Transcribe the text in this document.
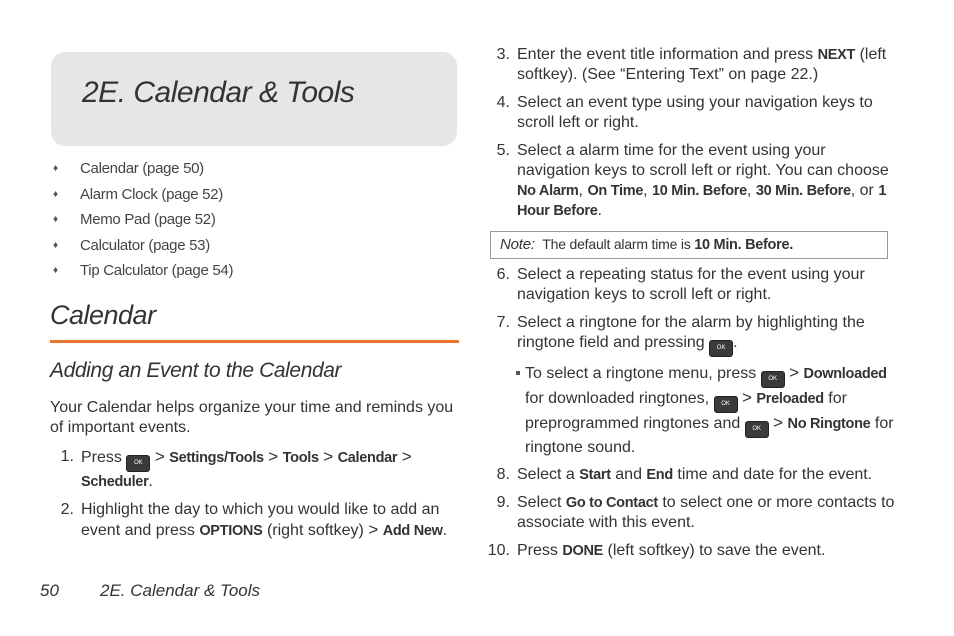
2E. Calendar & Tools
♦ Calendar (page 50)
♦ Alarm Clock (page 52)
♦ Memo Pad (page 52)
♦ Calculator (page 53)
♦ Tip Calculator (page 54)
Calendar
Adding an Event to the Calendar

Your Calendar helps organize your time and reminds you of important events.

1. Press OK > Settings/Tools > Tools > Calendar > Scheduler.
2. Highlight the day to which you would like to add an event and press OPTIONS (right softkey) > Add New.
3. Enter the event title information and press NEXT (left softkey). (See “Entering Text” on page 22.)
4. Select an event type using your navigation keys to scroll left or right.
5. Select a alarm time for the event using your navigation keys to scroll left or right. You can choose No Alarm, On Time, 10 Min. Before, 30 Min. Before, or 1 Hour Before.
Note: The default alarm time is 10 Min. Before.
6. Select a repeating status for the event using your navigation keys to scroll left or right.
7. Select a ringtone for the alarm by highlighting the ringtone field and pressing OK .
To select a ringtone menu, press OK > Downloaded for downloaded ringtones, OK > Preloaded for preprogrammed ringtones and OK > No Ringtone for ringtone sound.
8. Select a Start and End time and date for the event.
9. Select Go to Contact to select one or more contacts to associate with this event.
10. Press DONE (left softkey) to save the event.
50 2E. Calendar & Tools
